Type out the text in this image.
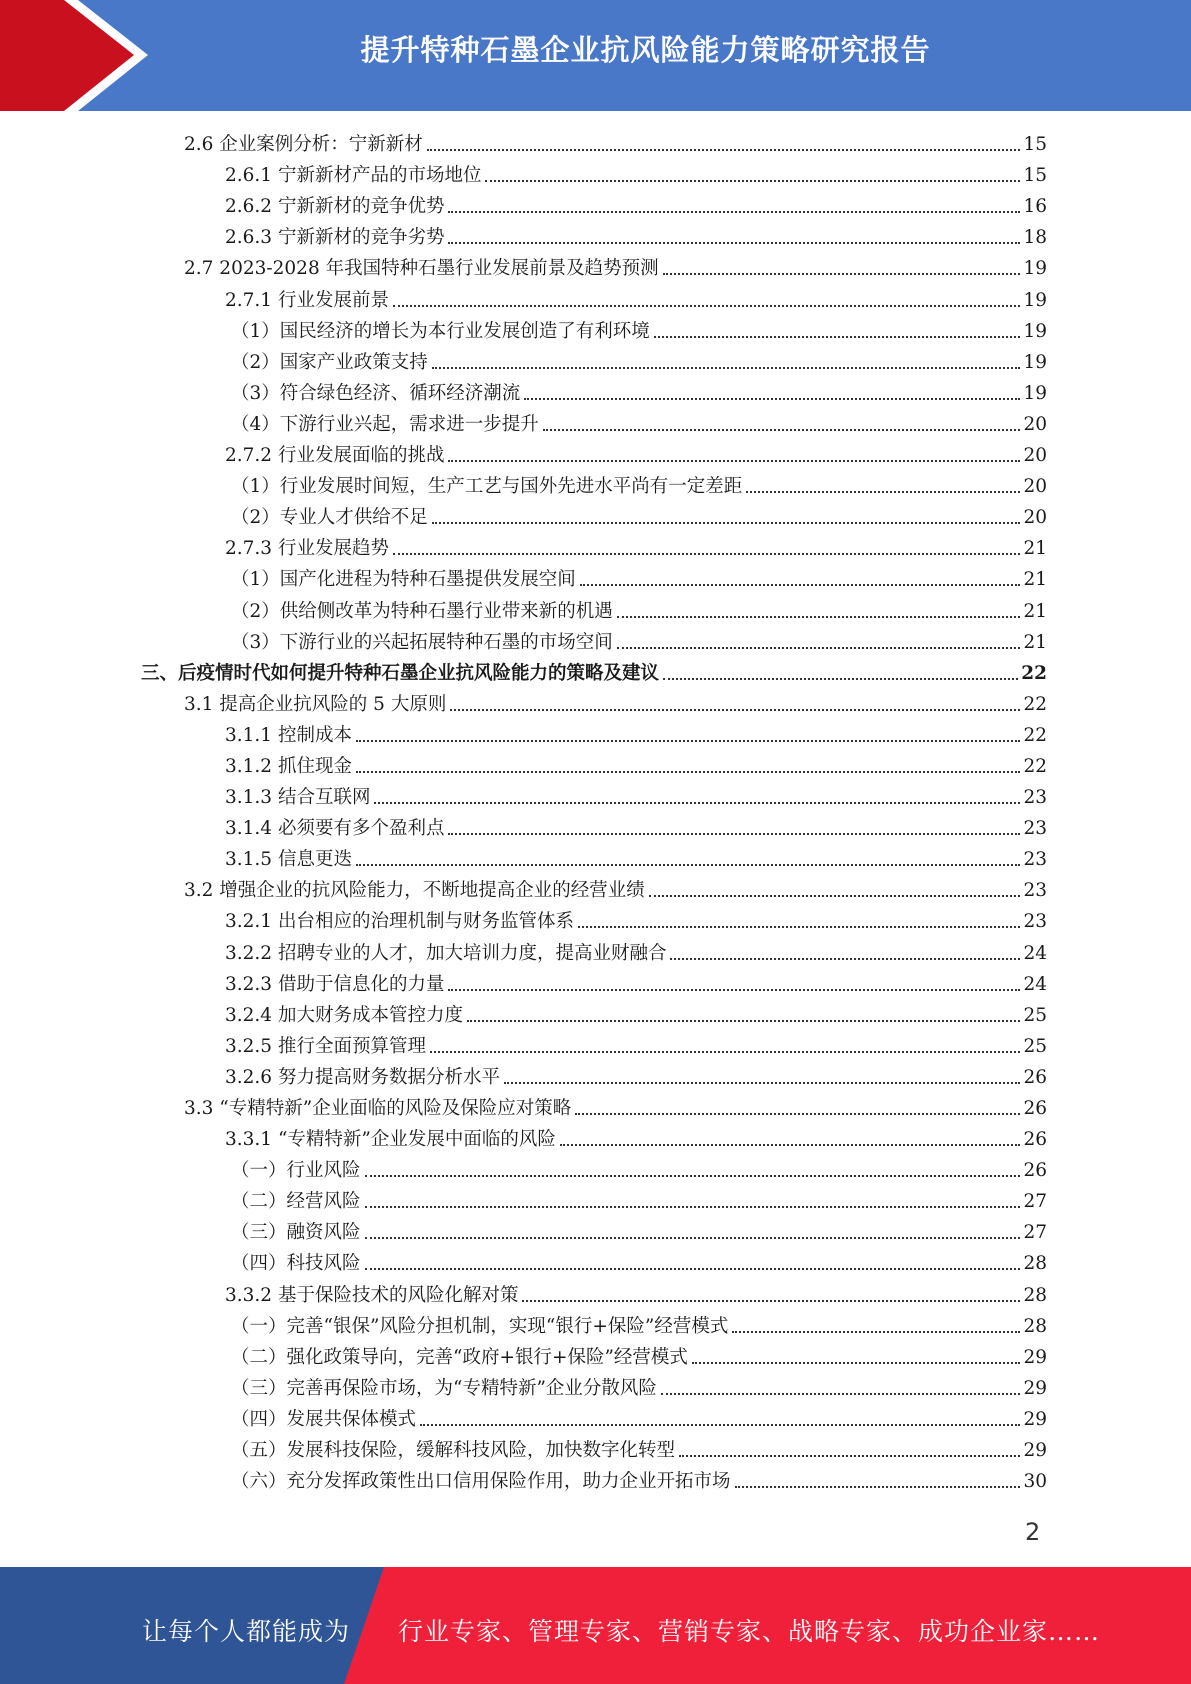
提升特种石墨企业抗风险能力策略研究报告
2.6 企业案例分析：宁新新材	15
2.6.1 宁新新材产品的市场地位	15
2.6.2 宁新新材的竞争优势	16
2.6.3 宁新新材的竞争劣势	18
2.7 2023-2028 年我国特种石墨行业发展前景及趋势预测	19
2.7.1 行业发展前景	19
（1）国民经济的增长为本行业发展创造了有利环境	19
（2）国家产业政策支持	19
（3）符合绿色经济、循环经济潮流	19
（4）下游行业兴起，需求进一步提升	20
2.7.2 行业发展面临的挑战	20
（1）行业发展时间短，生产工艺与国外先进水平尚有一定差距	20
（2）专业人才供给不足	20
2.7.3 行业发展趋势	21
（1）国产化进程为特种石墨提供发展空间	21
（2）供给侧改革为特种石墨行业带来新的机遇	21
（3）下游行业的兴起拓展特种石墨的市场空间	21
三、后疫情时代如何提升特种石墨企业抗风险能力的策略及建议	22
3.1 提高企业抗风险的 5 大原则	22
3.1.1 控制成本	22
3.1.2 抓住现金	22
3.1.3 结合互联网	23
3.1.4 必须要有多个盈利点	23
3.1.5 信息更迭	23
3.2 增强企业的抗风险能力，不断地提高企业的经营业绩	23
3.2.1 出台相应的治理机制与财务监管体系	23
3.2.2 招聘专业的人才，加大培训力度，提高业财融合	24
3.2.3 借助于信息化的力量	24
3.2.4 加大财务成本管控力度	25
3.2.5 推行全面预算管理	25
3.2.6 努力提高财务数据分析水平	26
3.3 “专精特新”企业面临的风险及保险应对策略	26
3.3.1 “专精特新”企业发展中面临的风险	26
（一）行业风险	26
（二）经营风险	27
（三）融资风险	27
（四）科技风险	28
3.3.2 基于保险技术的风险化解对策	28
（一）完善“银保”风险分担机制，实现“银行+保险”经营模式	28
（二）强化政策导向，完善“政府+银行+保险”经营模式	29
（三）完善再保险市场，为“专精特新”企业分散风险	29
（四）发展共保体模式	29
（五）发展科技保险，缓解科技风险，加快数字化转型	29
（六）充分发挥政策性出口信用保险作用，助力企业开拓市场	30
2
让每个人都能成为 行业专家、管理专家、营销专家、战略专家、成功企业家……
